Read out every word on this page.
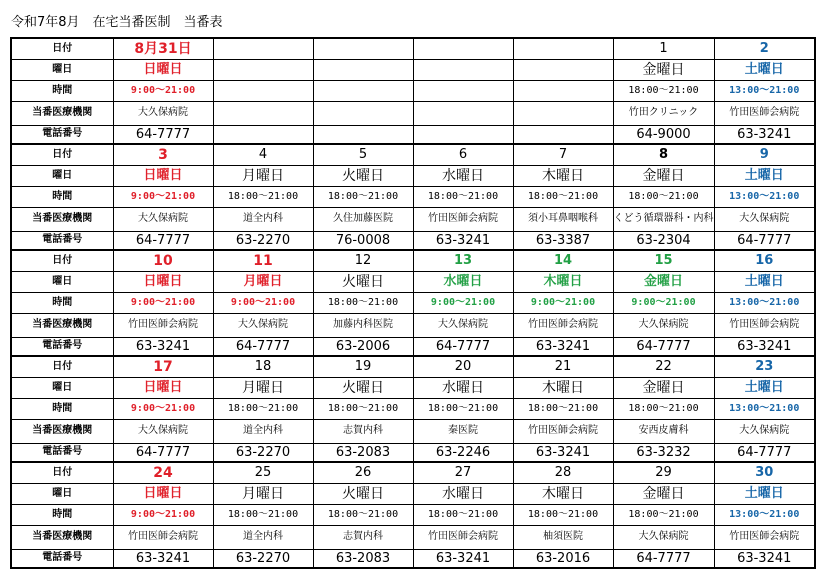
令和7年8月　在宅当番医制　当番表
日付	8月31日					1	2
曜日	日曜日					金曜日	土曜日
時間	9:00～21:00					18:00～21:00	13:00～21:00
当番医療機関	大久保病院					竹田クリニック	竹田医師会病院
電話番号	64-7777					64-9000	63-3241
日付	3	4	5	6	7	8	9
曜日	日曜日	月曜日	火曜日	水曜日	木曜日	金曜日	土曜日
時間	9:00～21:00	18:00～21:00	18:00～21:00	18:00～21:00	18:00～21:00	18:00～21:00	13:00～21:00
当番医療機関	大久保病院	道全内科	久住加藤医院	竹田医師会病院	須小耳鼻咽喉科	くどう循環器科・内科	大久保病院
電話番号	64-7777	63-2270	76-0008	63-3241	63-3387	63-2304	64-7777
日付	10	11	12	13	14	15	16
曜日	日曜日	月曜日	火曜日	水曜日	木曜日	金曜日	土曜日
時間	9:00～21:00	9:00～21:00	18:00～21:00	9:00～21:00	9:00～21:00	9:00～21:00	13:00～21:00
当番医療機関	竹田医師会病院	大久保病院	加藤内科医院	大久保病院	竹田医師会病院	大久保病院	竹田医師会病院
電話番号	63-3241	64-7777	63-2006	64-7777	63-3241	64-7777	63-3241
日付	17	18	19	20	21	22	23
曜日	日曜日	月曜日	火曜日	水曜日	木曜日	金曜日	土曜日
時間	9:00～21:00	18:00～21:00	18:00～21:00	18:00～21:00	18:00～21:00	18:00～21:00	13:00～21:00
当番医療機関	大久保病院	道全内科	志賀内科	秦医院	竹田医師会病院	安西皮膚科	大久保病院
電話番号	64-7777	63-2270	63-2083	63-2246	63-3241	63-3232	64-7777
日付	24	25	26	27	28	29	30
曜日	日曜日	月曜日	火曜日	水曜日	木曜日	金曜日	土曜日
時間	9:00～21:00	18:00～21:00	18:00～21:00	18:00～21:00	18:00～21:00	18:00～21:00	13:00～21:00
当番医療機関	竹田医師会病院	道全内科	志賀内科	竹田医師会病院	柚須医院	大久保病院	竹田医師会病院
電話番号	63-3241	63-2270	63-2083	63-3241	63-2016	64-7777	63-3241
